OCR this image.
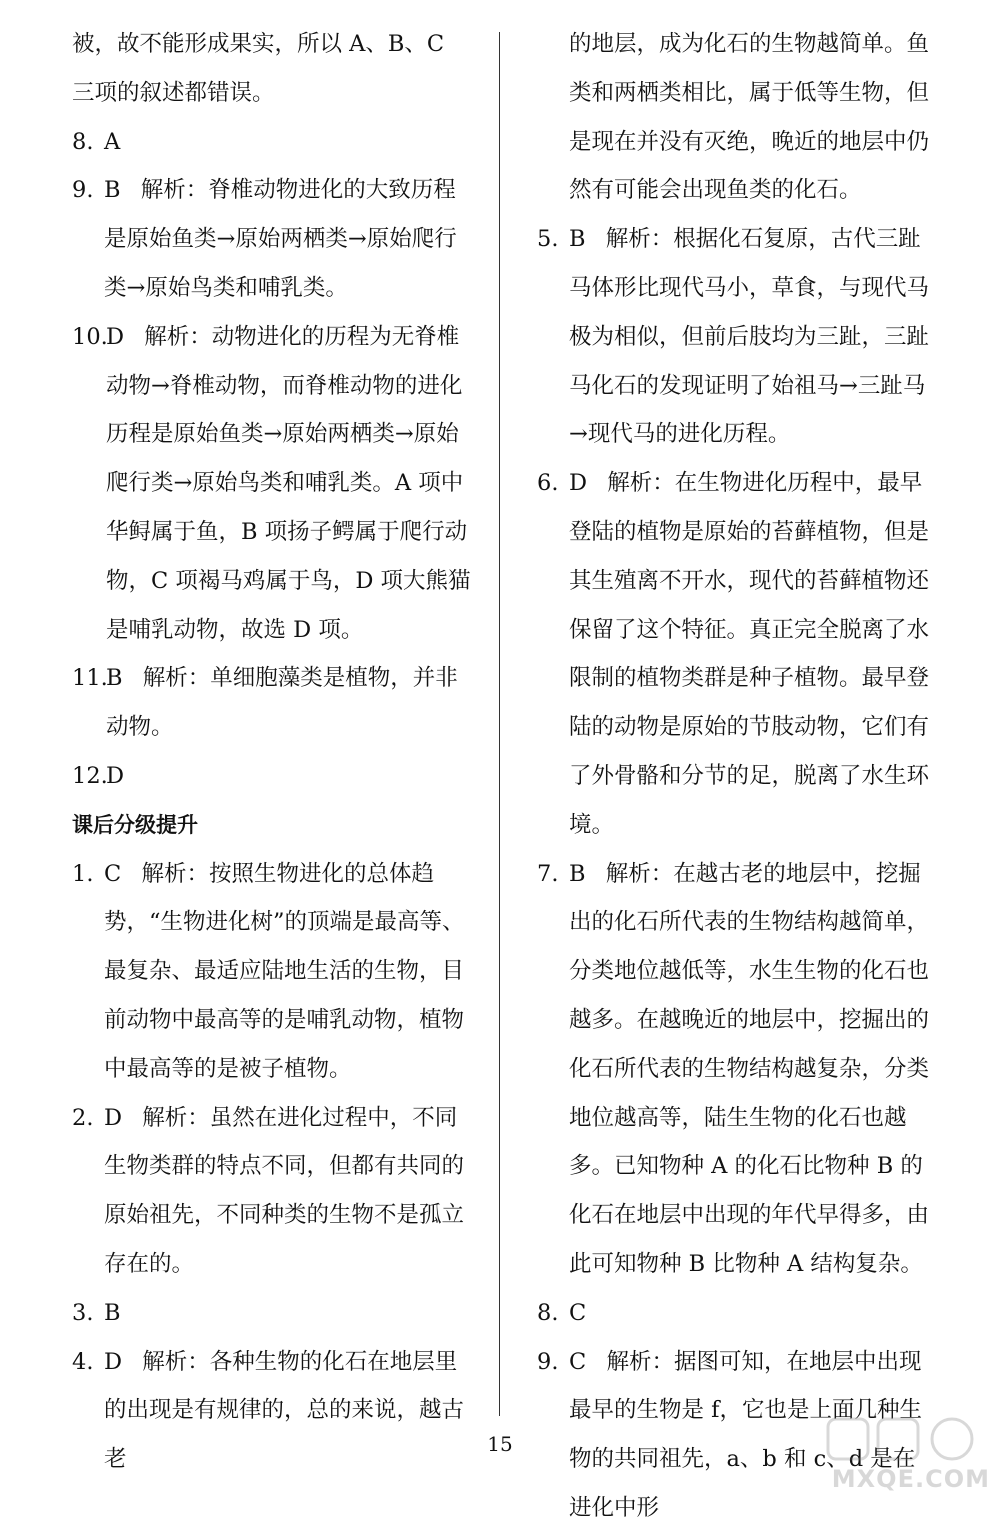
被，故不能形成果实，所以 A、B、C

三项的叙述都错误。

8. A
9. B 解析：脊椎动物进化的大致历程是原始鱼类→原始两栖类→原始爬行类→原始鸟类和哺乳类。
10.
D 解析：动物进化的历程为无脊椎动物→脊椎动物，而脊椎动物的进化历程是原始鱼类→原始两栖类→原始爬行类→原始鸟类和哺乳类。A 项中华鲟属于鱼，B 项扬子鳄属于爬行动物，C 项褐马鸡属于鸟，D 项大熊猫是哺乳动物，故选 D 项。
11.
B 解析：单细胞藻类是植物，并非动物。
12.
D

课后分级提升

1. C 解析：按照生物进化的总体趋势，“生物进化树”的顶端是最高等、最复杂、最适应陆地生活的生物，目前动物中最高等的是哺乳动物，植物中最高等的是被子植物。
2. D 解析：虽然在进化过程中，不同生物类群的特点不同，但都有共同的原始祖先，不同种类的生物不是孤立存在的。
3. B
4. D 解析：各种生物的化石在地层里的出现是有规律的，总的来说，越古老

的地层，成为化石的生物越简单。鱼类和两栖类相比，属于低等生物，但是现在并没有灭绝，晚近的地层中仍然有可能会出现鱼类的化石。

5. B 解析：根据化石复原，古代三趾马体形比现代马小，草食，与现代马极为相似，但前后肢均为三趾，三趾马化石的发现证明了始祖马→三趾马→现代马的进化历程。
6. D 解析：在生物进化历程中，最早登陆的植物是原始的苔藓植物，但是其生殖离不开水，现代的苔藓植物还保留了这个特征。真正完全脱离了水限制的植物类群是种子植物。最早登陆的动物是原始的节肢动物，它们有了外骨骼和分节的足，脱离了水生环境。
7. B 解析：在越古老的地层中，挖掘出的化石所代表的生物结构越简单，分类地位越低等，水生生物的化石也越多。在越晚近的地层中，挖掘出的化石所代表的生物结构越复杂，分类地位越高等，陆生生物的化石也越多。已知物种 A 的化石比物种 B 的化石在地层中出现的年代早得多，由此可知物种 B 比物种 A 结构复杂。
8. C
9. C 解析：据图可知，在地层中出现最早的生物是 f，它也是上面几种生物的共同祖先，a、b 和 c、d 是在进化中形
15
MXQE.COM
